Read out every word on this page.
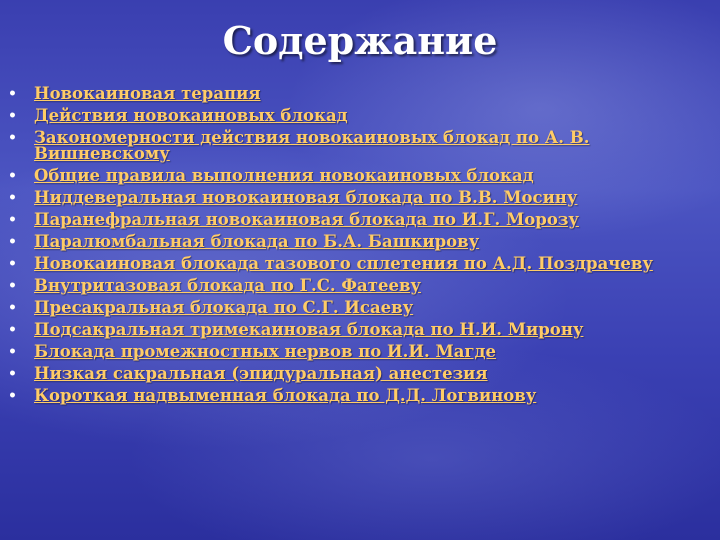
Содержание
•	Новокаиновая терапия
•	Действия новокаиновых блокад
•	Закономерности действия новокаиновых блокад по А. В. Вишневскому
•	Общие правила выполнения новокаиновых блокад
•	Ниддеверальная новокаиновая блокада по В.В. Мосину
•	Паранефральная новокаиновая блокада по И.Г. Морозу
•	Паралюмбальная блокада по Б.А. Башкирову
•	Новокаиновая блокада тазового сплетения по А.Д. Поздрачеву
•	Внутритазовая блокада по Г.С. Фатееву
•	Пресакральная блокада по С.Г. Исаеву
•	Подсакральная тримекаиновая блокада по Н.И. Мирону
•	Блокада промежностных нервов по И.И. Магде
•	Низкая сакральная (эпидуральная) анестезия
•	Короткая надвыменная блокада по Д.Д. Логвинову
